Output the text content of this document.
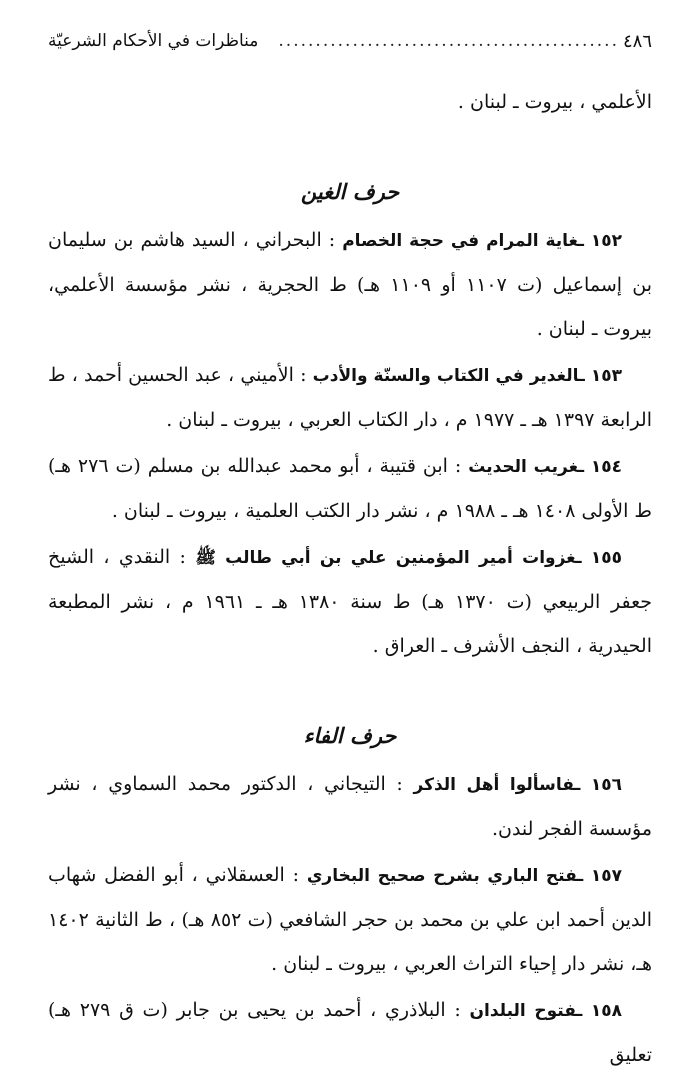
٤٨٦
..............................................
مناظرات في الأحكام الشرعيّة

الأعلمي ، بيروت ـ لبنان .

حرف الغين

١٥٢ ـغاية المرام في حجة الخصام : البحراني ، السيد هاشم بن سليمان بن إسماعيل (ت ١١٠٧ أو ١١٠٩ هـ) ط الحجرية ، نشر مؤسسة الأعلمي، بيروت ـ لبنان .

١٥٣ ـالغدير في الكتاب والسنّة والأدب : الأميني ، عبد الحسين أحمد ، ط الرابعة ١٣٩٧ هـ ـ ١٩٧٧ م ، دار الكتاب العربي ، بيروت ـ لبنان .

١٥٤ ـغريب الحديث : ابن قتيبة ، أبو محمد عبدالله بن مسلم (ت ٢٧٦ هـ) ط الأولى ١٤٠٨ هـ ـ ١٩٨٨ م ، نشر دار الكتب العلمية ، بيروت ـ لبنان .

١٥٥ ـغزوات أمير المؤمنين علي بن أبي طالب ﷺ : النقدي ، الشيخ جعفر الربيعي (ت ١٣٧٠ هـ) ط سنة ١٣٨٠ هـ ـ ١٩٦١ م ، نشر المطبعة الحيدرية ، النجف الأشرف ـ العراق .

حرف الفاء

١٥٦ ـفاسألوا أهل الذكر : التيجاني ، الدكتور محمد السماوي ، نشر مؤسسة الفجر لندن.

١٥٧ ـفتح الباري بشرح صحيح البخاري : العسقلاني ، أبو الفضل شهاب الدين أحمد ابن علي بن محمد بن حجر الشافعي (ت ٨٥٢ هـ) ، ط الثانية ١٤٠٢ هـ، نشر دار إحياء التراث العربي ، بيروت ـ لبنان .

١٥٨ ـفتوح البلدان : البلاذري ، أحمد بن يحيى بن جابر (ت ق ٢٧٩ هـ) تعليق
